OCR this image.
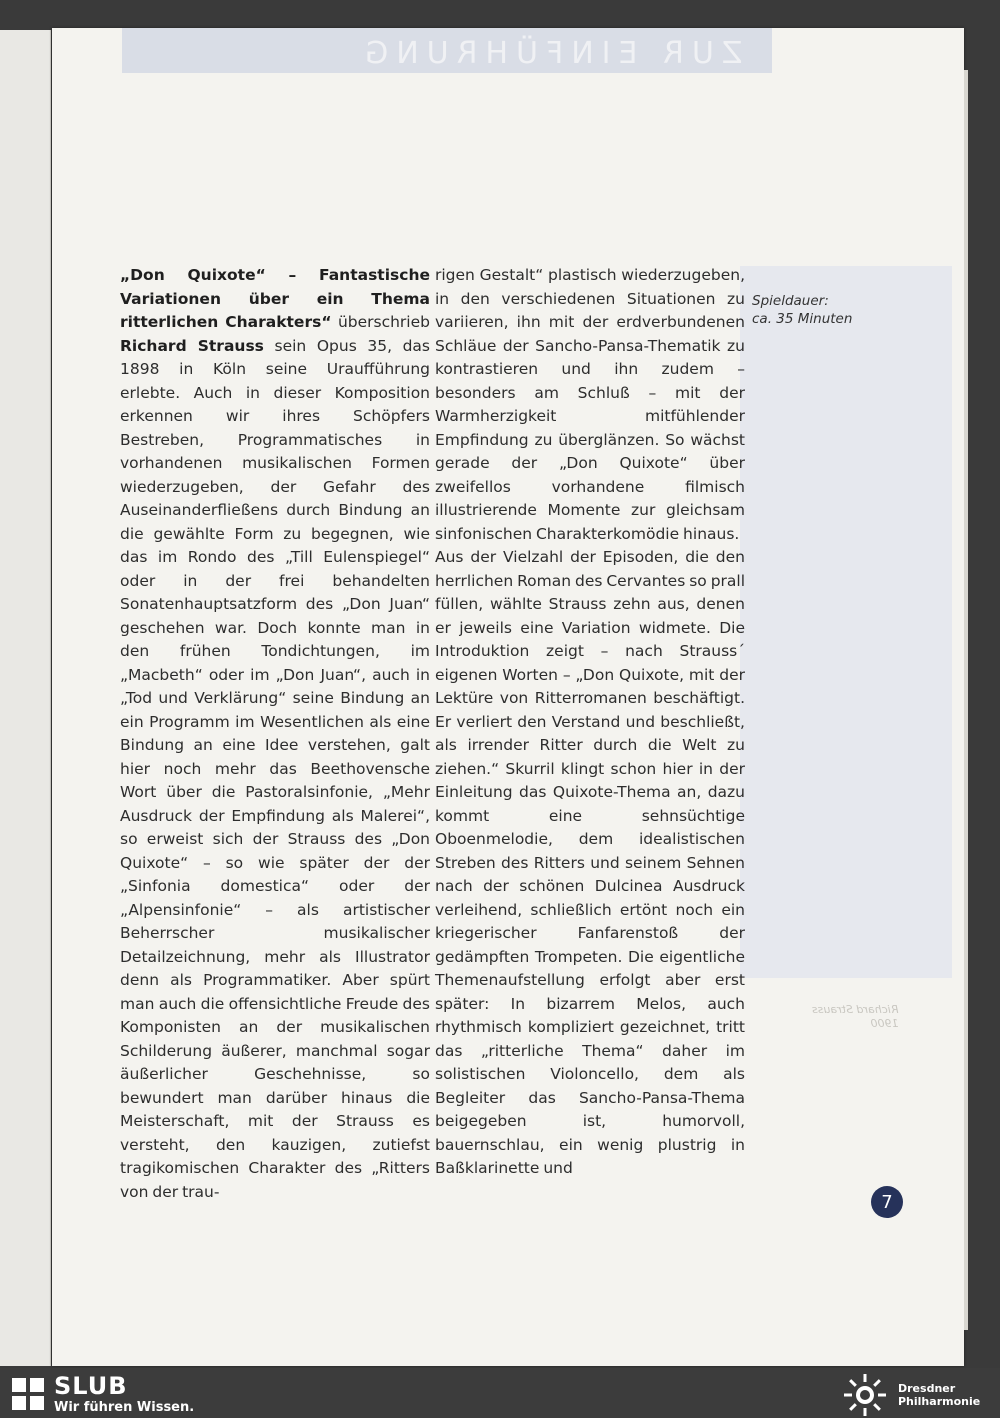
ZUR EINFÜHRUNG
Spieldauer:
ca. 35 Minuten
Richard Strauss
1900

„Don Quixote“ – Fantastische Variationen über ein Thema ritterlichen Charakters“ überschrieb Richard Strauss sein Opus 35, das 1898 in Köln seine Uraufführung erlebte. Auch in dieser Komposition erkennen wir ihres Schöpfers Bestreben, Programmatisches in vorhandenen musikalischen Formen wiederzugeben, der Gefahr des Auseinanderfließens durch Bindung an die gewählte Form zu begegnen, wie das im Rondo des „Till Eulenspiegel“ oder in der frei behandelten Sonatenhauptsatzform des „Don Juan“ geschehen war. Doch konnte man in den frühen Tondichtungen, im „Macbeth“ oder im „Don Juan“, auch in „Tod und Verklärung“ seine Bindung an ein Programm im Wesentlichen als eine Bindung an eine Idee verstehen, galt hier noch mehr das Beethovensche Wort über die Pastoralsinfonie, „Mehr Ausdruck der Empfindung als Malerei“, so erweist sich der Strauss des „Don Quixote“ – so wie später der der „Sinfonia domestica“ oder der „Alpensinfonie“ – als artistischer Beherrscher musikalischer Detailzeichnung, mehr als Illustrator denn als Programmatiker. Aber spürt man auch die offensichtliche Freude des Komponisten an der musikalischen Schilderung äußerer, manchmal sogar äußerlicher Geschehnisse, so bewundert man darüber hinaus die Meisterschaft, mit der Strauss es versteht, den kauzigen, zutiefst tragikomischen Charakter des „Ritters von der trau-

rigen Gestalt“ plastisch wiederzugeben, in den verschiedenen Situationen zu variieren, ihn mit der erdverbundenen Schläue der Sancho-Pansa-Thematik zu kontrastieren und ihn zudem – besonders am Schluß – mit der Warmherzigkeit mitfühlender Empfindung zu überglänzen. So wächst gerade der „Don Quixote“ über zweifellos vorhandene filmisch illustrierende Momente zur gleichsam sinfonischen Charakterkomödie hinaus.

Aus der Vielzahl der Episoden, die den herrlichen Roman des Cervantes so prall füllen, wählte Strauss zehn aus, denen er jeweils eine Variation widmete. Die Introduktion zeigt – nach Strauss´ eigenen Worten – „Don Quixote, mit der Lektüre von Ritterromanen beschäftigt. Er verliert den Verstand und beschließt, als irrender Ritter durch die Welt zu ziehen.“ Skurril klingt schon hier in der Einleitung das Quixote-Thema an, dazu kommt eine sehnsüchtige Oboenmelodie, dem idealistischen Streben des Ritters und seinem Sehnen nach der schönen Dulcinea Ausdruck verleihend, schließlich ertönt noch ein kriegerischer Fanfarenstoß der gedämpften Trompeten. Die eigentliche Themenaufstellung erfolgt aber erst später: In bizarrem Melos, auch rhythmisch kompliziert gezeichnet, tritt das „ritterliche Thema“ daher im solistischen Violoncello, dem als Begleiter das Sancho-Pansa-Thema beigegeben ist, humorvoll, bauernschlau, ein wenig plustrig in Baßklarinette und

7
SLUB
Wir führen Wissen.
Dresdner
Philharmonie
